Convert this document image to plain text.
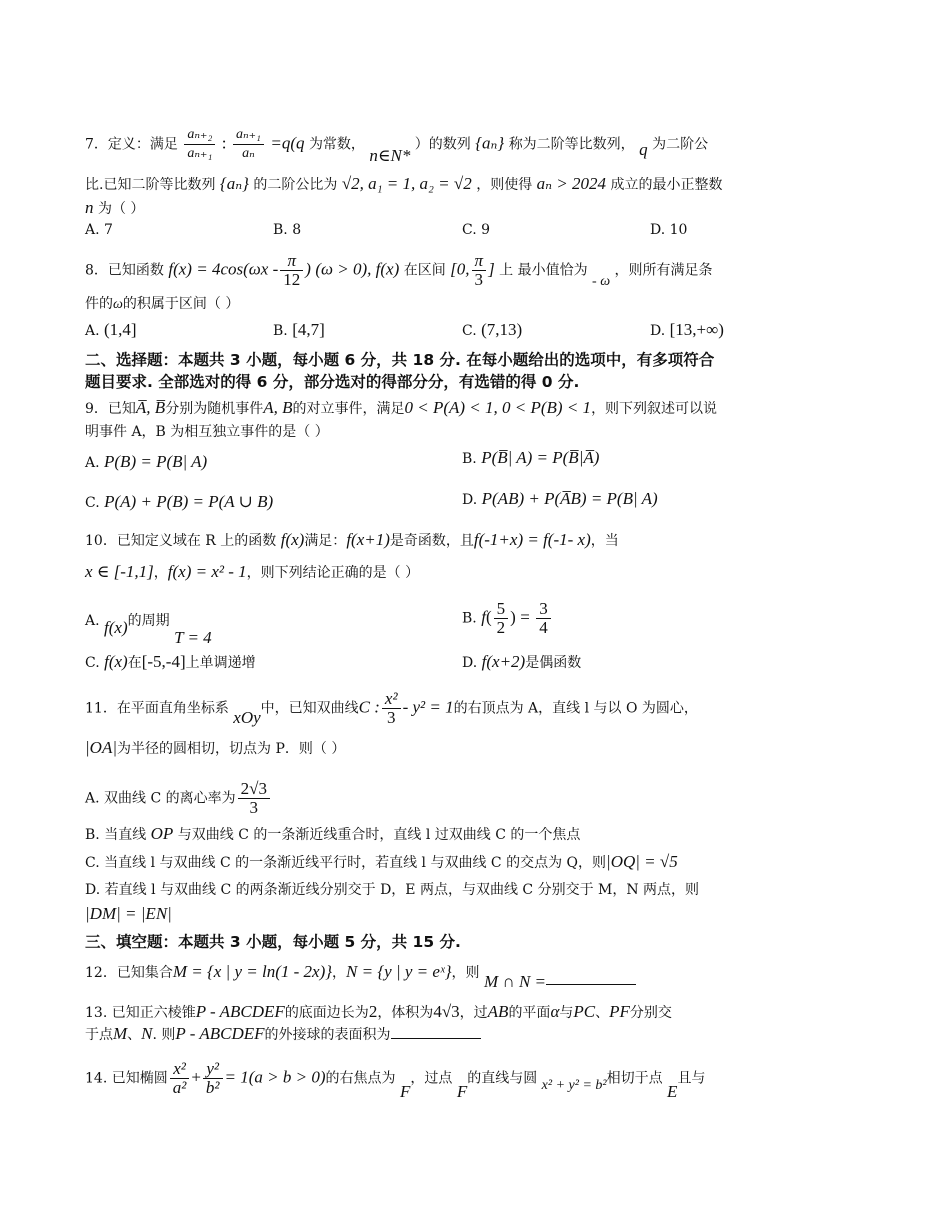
7．定义：满足 $\frac{\text{aₙ₊₂}}{\text{aₙ₊₁}}$ : $\frac{\text{aₙ₊₁}}{\text{aₙ}} =q(q$ 为常数， n∈N* ）的数列 {aₙ} 称为二阶等比数列， q 为二阶公
比.已知二阶等比数列 {aₙ} 的二阶公比为 √2, a₁ = 1, a₂ = √2 ，则使得 aₙ > 2024 成立的最小正整数
n 为（ ）
A. 7	B. 8	C. 9	D. 10
8．已知函数 $f(x) = 4\cos(\omega x - \frac{\pi}{12}$ ) (ω > 0), f(x) 在区间 [0, $\frac{\pi}{3}$ ] 上 最小值恰为 - ω ，则所有满足条
件的ω的积属于区间（ ）
A. (1,4]	B. [4,7]	C. (7,13)	D. [13,+∞)
二、选择题：本题共 3 小题，每小题 6 分，共 18 分. 在每小题给出的选项中，有多项符合
题目要求. 全部选对的得 6 分，部分选对的得部分分，有选错的得 0 分.
9．已知A̅, B̅分别为随机事件A, B的对立事件，满足0 < P(A) < 1, 0 < P(B) < 1，则下列叙述可以说
明事件 A，B 为相互独立事件的是（ ）
A. P(B) = P(B| A)	B. P(B̅| A) = P(B̅|A̅)
C. P(A) + P(B) = P(A ∪ B)	D. P(AB) + P(A̅B) = P(B| A)
10．已知定义域在 R 上的函数 f(x)满足：f(x+1)是奇函数，且f(-1+x) = f(-1- x)，当
x ∈ [-1,1]，f(x) = x² - 1，则下列结论正确的是（ ）
A. f(x)的周期 T = 4
B. $f( \frac{5}{2}$ ) = $\frac{3}{4}$
C. f(x)在[-5,-4]上单调递增	D. f(x+2)是偶函数
11．在平面直角坐标系 xOy中，已知双曲线C : $\frac{\text{x²}}{3} - y^2 = 1$的右顶点为 A，直线 l 与以 O 为圆心，
|OA|为半径的圆相切，切点为 P．则（ ）
A. 双曲线 C 的离心率为 $\frac{2√3}{3}$
B. 当直线 OP 与双曲线 C 的一条渐近线重合时，直线 l 过双曲线 C 的一个焦点
C. 当直线 l 与双曲线 C 的一条渐近线平行时，若直线 l 与双曲线 C 的交点为 Q，则|OQ| = √5
D. 若直线 l 与双曲线 C 的两条渐近线分别交于 D，E 两点，与双曲线 C 分别交于 M，N 两点，则
|DM| = |EN|
三、填空题：本题共 3 小题，每小题 5 分，共 15 分.
12．已知集合M = {x | y = ln(1 - 2x)}，N = {y | y = eˣ}，则 M ∩ N =
13. 已知正六棱锥P - ABCDEF的底面边长为2，体积为4√3，过AB的平面α与PC、PF分别交
于点M、N. 则P - ABCDEF的外接球的表面积为
14. 已知椭圆 $\frac{\text{x²}}{\text{a²}} + \frac{\text{y²}}{\text{b²}} = 1(a > b > 0)$的右焦点为 F，过点 F的直线与圆 x² + y² = b²相切于点 E且与
